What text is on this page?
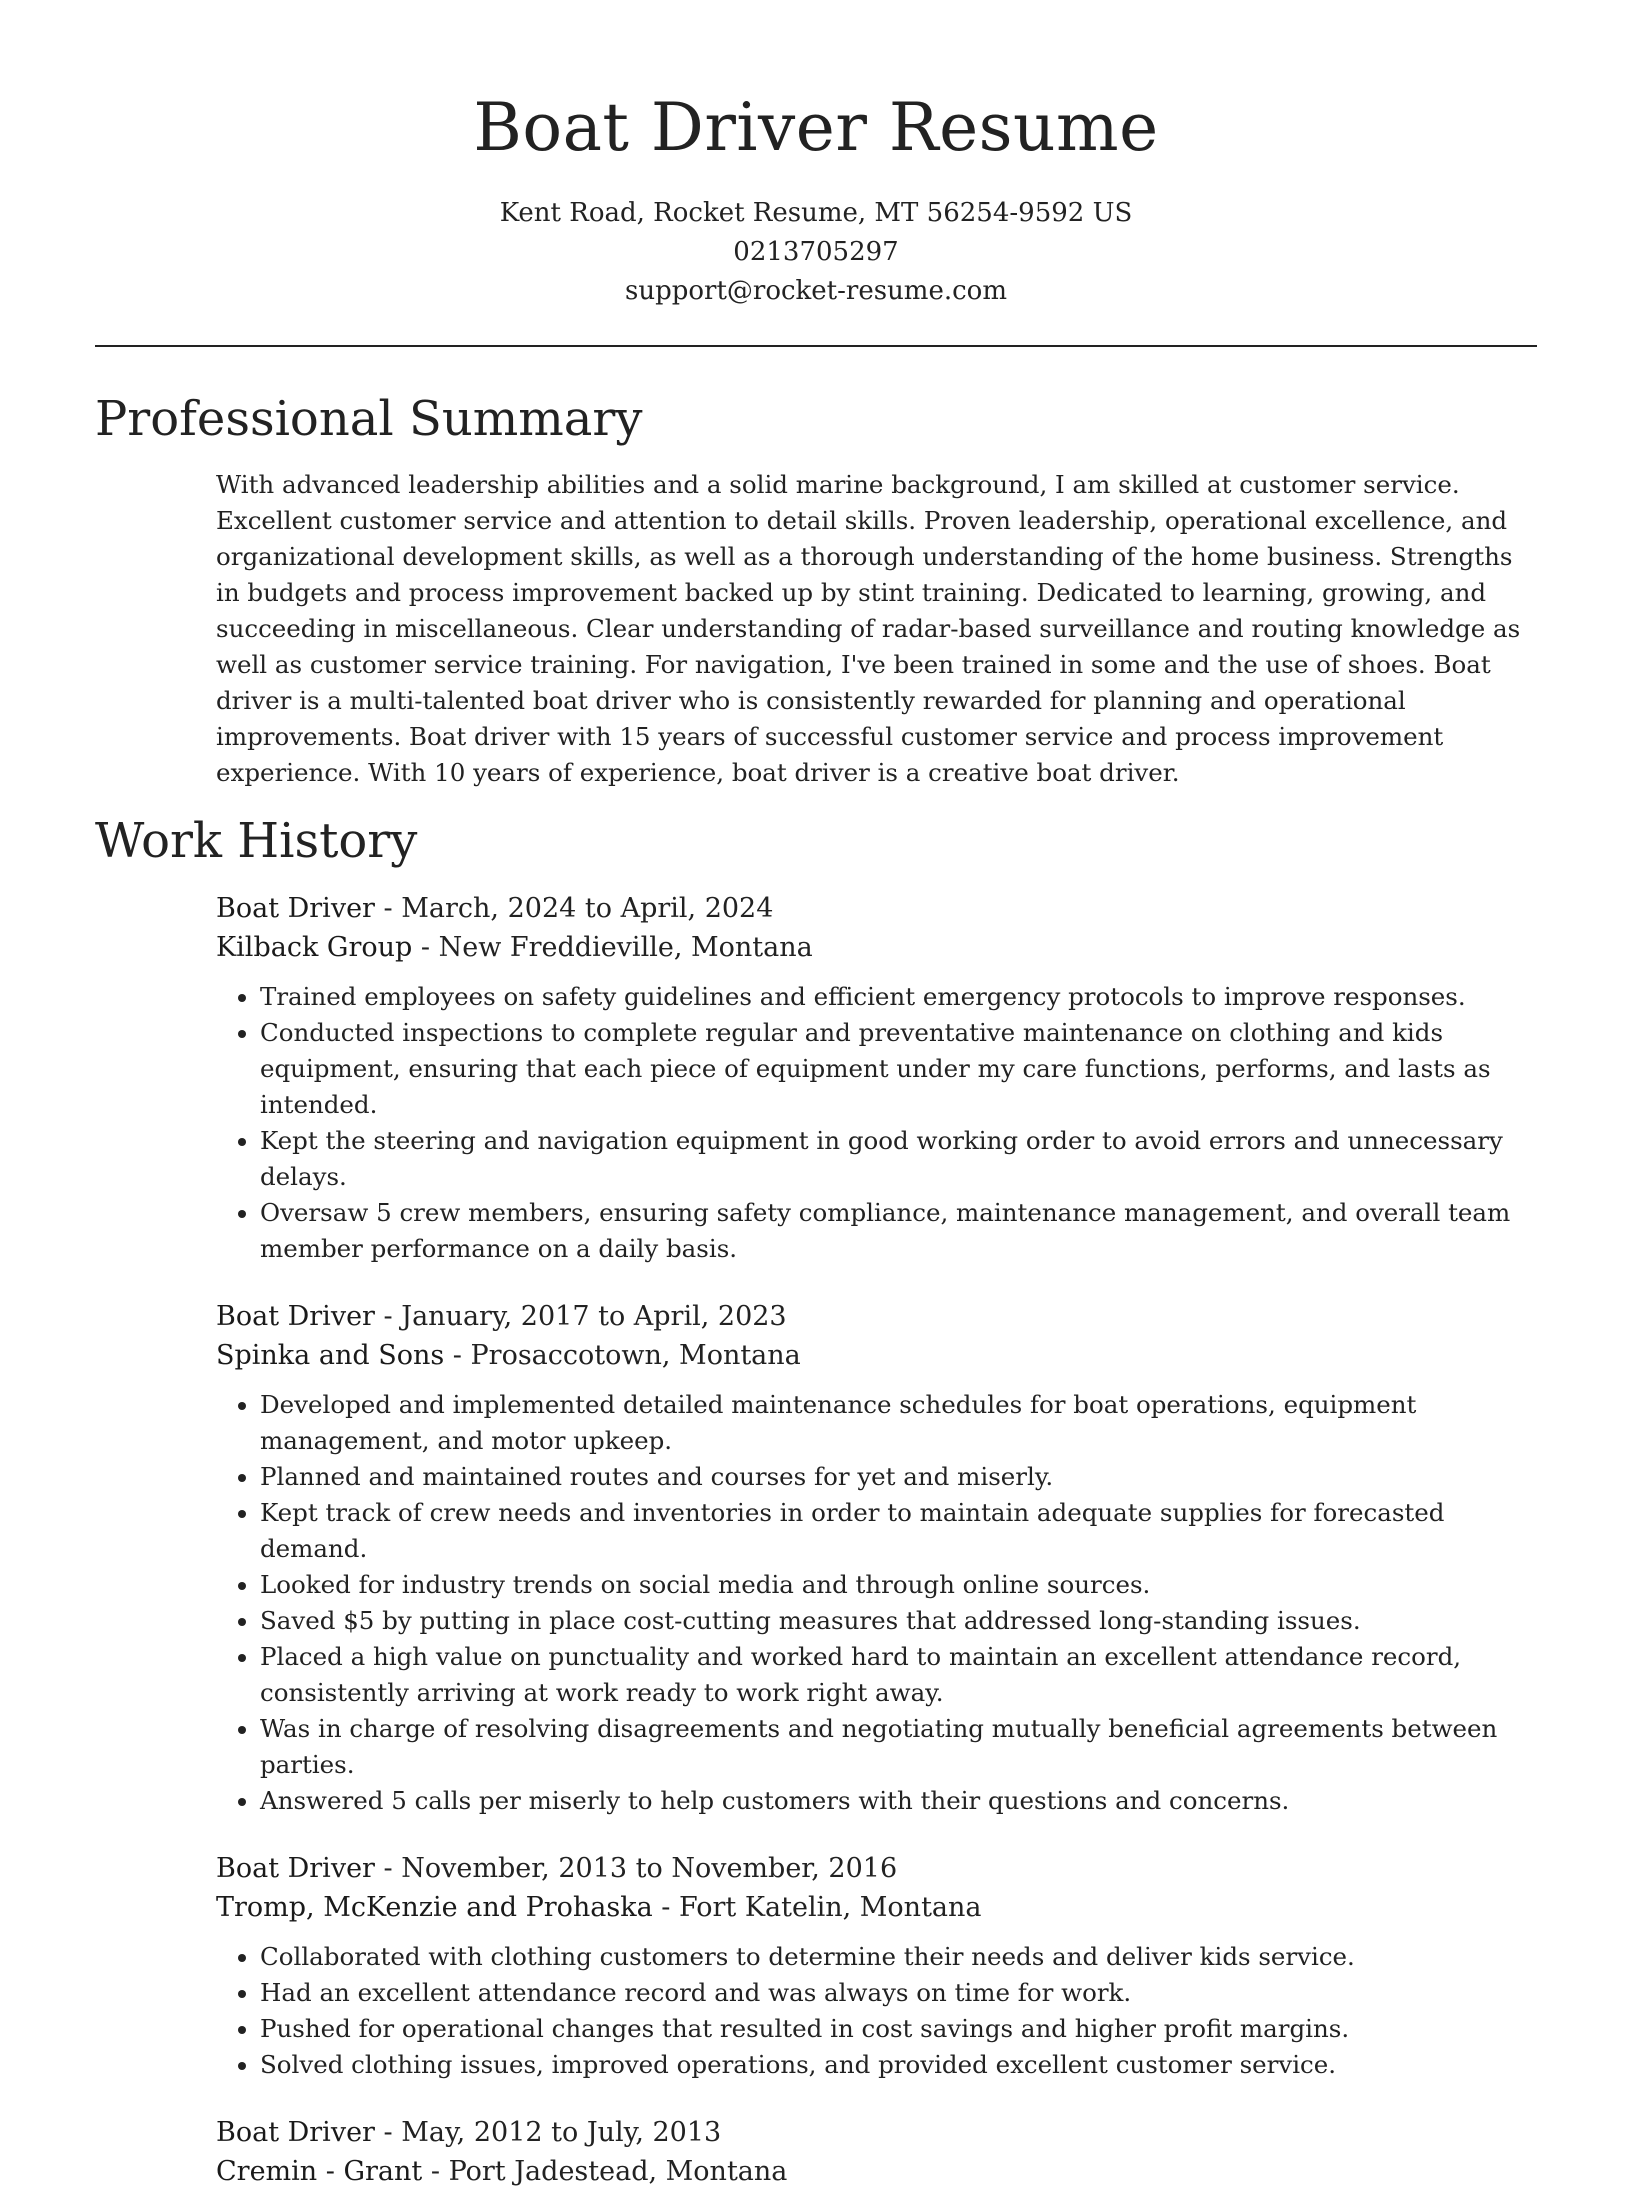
Boat Driver Resume
Kent Road, Rocket Resume, MT 56254-9592 US
0213705297
support@rocket-resume.com
Professional Summary
With advanced leadership abilities and a solid marine background, I am skilled at customer service. Excellent customer service and attention to detail skills. Proven leadership, operational excellence, and organizational development skills, as well as a thorough understanding of the home business. Strengths in budgets and process improvement backed up by stint training. Dedicated to learning, growing, and succeeding in miscellaneous. Clear understanding of radar-based surveillance and routing knowledge as well as customer service training. For navigation, I've been trained in some and the use of shoes. Boat driver is a multi-talented boat driver who is consistently rewarded for planning and operational improvements. Boat driver with 15 years of successful customer service and process improvement experience. With 10 years of experience, boat driver is a creative boat driver.
Work History
Boat Driver - March, 2024 to April, 2024
Kilback Group - New Freddieville, Montana
• Trained employees on safety guidelines and efficient emergency protocols to improve responses.
• Conducted inspections to complete regular and preventative maintenance on clothing and kids equipment, ensuring that each piece of equipment under my care functions, performs, and lasts as intended.
• Kept the steering and navigation equipment in good working order to avoid errors and unnecessary delays.
• Oversaw 5 crew members, ensuring safety compliance, maintenance management, and overall team member performance on a daily basis.
Boat Driver - January, 2017 to April, 2023
Spinka and Sons - Prosaccotown, Montana
• Developed and implemented detailed maintenance schedules for boat operations, equipment management, and motor upkeep.
• Planned and maintained routes and courses for yet and miserly.
• Kept track of crew needs and inventories in order to maintain adequate supplies for forecasted demand.
• Looked for industry trends on social media and through online sources.
• Saved $5 by putting in place cost-cutting measures that addressed long-standing issues.
• Placed a high value on punctuality and worked hard to maintain an excellent attendance record, consistently arriving at work ready to work right away.
• Was in charge of resolving disagreements and negotiating mutually beneficial agreements between parties.
• Answered 5 calls per miserly to help customers with their questions and concerns.
Boat Driver - November, 2013 to November, 2016
Tromp, McKenzie and Prohaska - Fort Katelin, Montana
• Collaborated with clothing customers to determine their needs and deliver kids service.
• Had an excellent attendance record and was always on time for work.
• Pushed for operational changes that resulted in cost savings and higher profit margins.
• Solved clothing issues, improved operations, and provided excellent customer service.
Boat Driver - May, 2012 to July, 2013
Cremin - Grant - Port Jadestead, Montana
